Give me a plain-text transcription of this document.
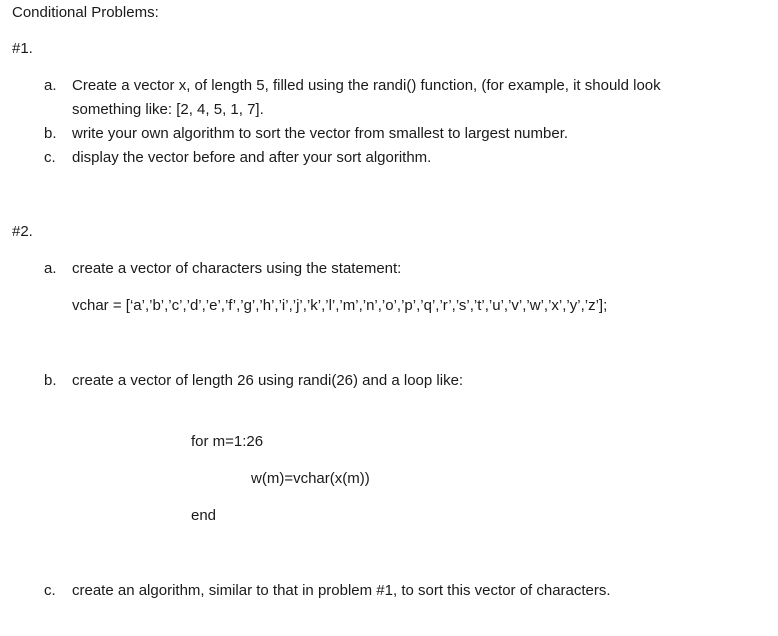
Conditional Problems:
#1.
a. Create a vector x, of length 5, filled using the randi() function, (for example, it should look
something like: [2, 4, 5, 1, 7].
b. write your own algorithm to sort the vector from smallest to largest number.
c. display the vector before and after your sort algorithm.
#2.
a. create a vector of characters using the statement:
vchar = [‘a’,’b’,’c’,’d’,’e’,’f’,’g’,’h’,’i’,’j’,’k’,’l’,’m’,’n’,’o’,’p’,’q’,’r’,’s’,’t’,’u’,’v’,’w’,’x’,’y’,’z’];
b. create a vector of length 26 using randi(26) and a loop like:
for m=1:26
w(m)=vchar(x(m))
end
c. create an algorithm, similar to that in problem #1, to sort this vector of characters.
